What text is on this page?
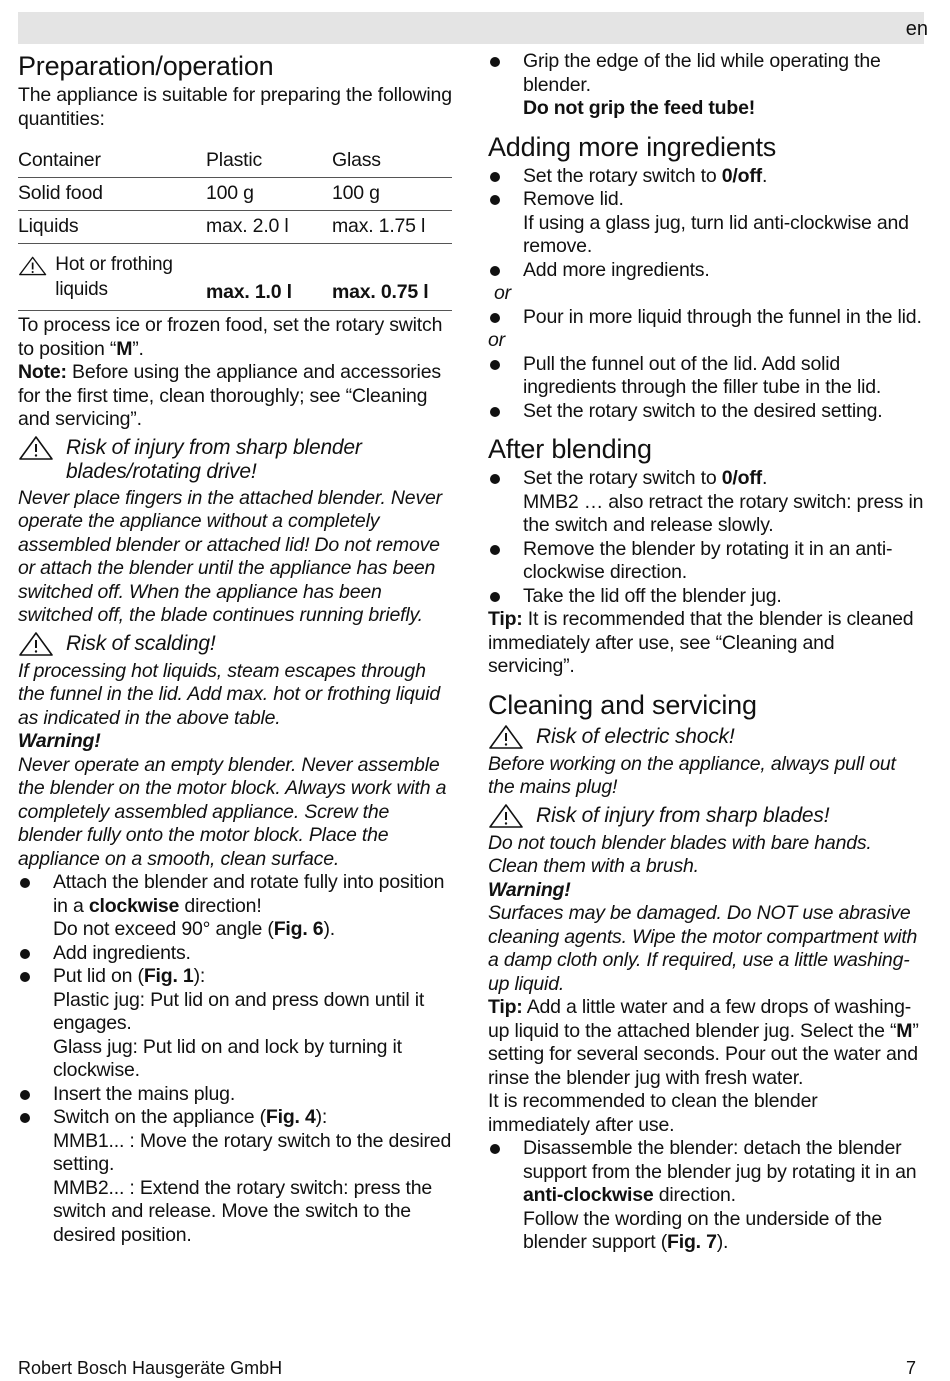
en
Preparation/operation

The appliance is suitable for preparing the following quantities:

Container	Plastic	Glass
Solid food	100 g	100 g
Liquids	max. 2.0 l	max. 1.75 l

Hot or frothing liquids	max. 1.0 l	max. 0.75 l

To process ice or frozen food, set the rotary switch to position “M”.

Note: Before using the appliance and accessories for the first time, clean thoroughly; see “Cleaning and servicing”.

Risk of injury from sharp blender blades/rotating drive!

Never place fingers in the attached blender. Never operate the appliance without a completely assembled blender or attached lid! Do not remove or attach the blender until the appliance has been switched off. When the appliance has been switched off, the blade continues running briefly.

Risk of scalding!

If processing hot liquids, steam escapes through the funnel in the lid. Add max. hot or frothing liquid as indicated in the above table.

Warning!

Never operate an empty blender. Never assemble the blender on the motor block. Always work with a completely assembled appliance. Screw the blender fully onto the motor block. Place the appliance on a smooth, clean surface.

Attach the blender and rotate fully into position in a clockwise direction!
Do not exceed 90° angle (Fig. 6).
Add ingredients.
Put lid on (Fig. 1):

Plastic jug: Put lid on and press down until it engages.

Glass jug: Put lid on and lock by turning it clockwise.

Insert the mains plug.
Switch on the appliance (Fig. 4):

MMB1... : Move the rotary switch to the desired setting.

MMB2... : Extend the rotary switch: press the switch and release. Move the switch to the desired position.

Grip the edge of the lid while operating the blender.
Do not grip the feed tube!
Adding more ingredients
Set the rotary switch to 0/off.
Remove lid.

If using a glass jug, turn lid anti-clockwise and remove.

Add more ingredients.

or

Pour in more liquid through the funnel in the lid.

or

Pull the funnel out of the lid. Add solid ingredients through the filler tube in the lid.
Set the rotary switch to the desired setting.
After blending
Set the rotary switch to 0/off.

MMB2 … also retract the rotary switch: press in the switch and release slowly.

Remove the blender by rotating it in an anti-clockwise direction.
Take the lid off the blender jug.

Tip: It is recommended that the blender is cleaned immediately after use, see “Cleaning and servicing”.

Cleaning and servicing
Risk of electric shock!

Before working on the appliance, always pull out the mains plug!

Risk of injury from sharp blades!

Do not touch blender blades with bare hands. Clean them with a brush.

Warning!

Surfaces may be damaged. Do NOT use abrasive cleaning agents. Wipe the motor compartment with a damp cloth only. If required, use a little washing-up liquid.

Tip: Add a little water and a few drops of washing-up liquid to the attached blender jug. Select the “M” setting for several seconds. Pour out the water and rinse the blender jug with fresh water.

It is recommended to clean the blender immediately after use.

Disassemble the blender: detach the blender support from the blender jug by rotating it in an anti-clockwise direction.
Follow the wording on the underside of the blender support (Fig. 7).
Robert Bosch Hausgeräte GmbH	7
